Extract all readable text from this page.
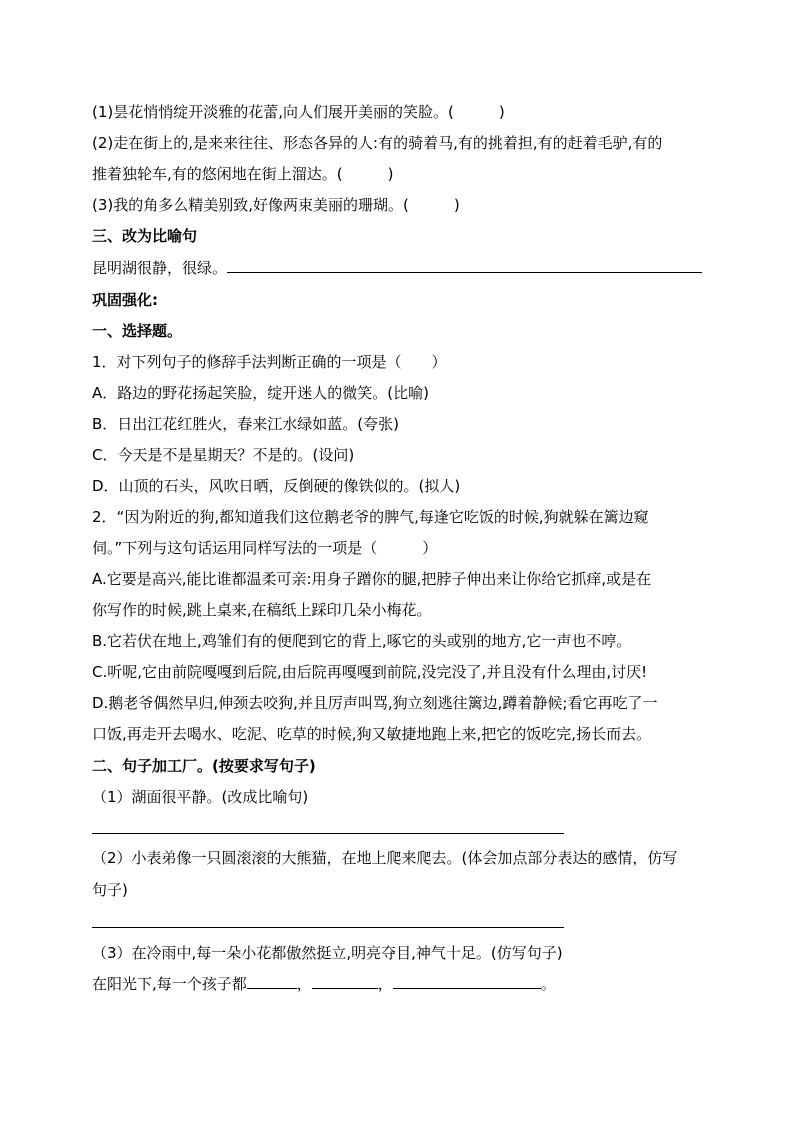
(1)昙花悄悄绽开淡雅的花蕾,向人们展开美丽的笑脸。(　　　)
(2)走在街上的,是来来往往、形态各异的人:有的骑着马,有的挑着担,有的赶着毛驴,有的
推着独轮车,有的悠闲地在街上溜达。(　　　)
(3)我的角多么精美别致,好像两束美丽的珊瑚。(　　　)
三、改为比喻句
昆明湖很静，很绿。
巩固强化:
一、选择题。
1．对下列句子的修辞手法判断正确的一项是（　　）
A．路边的野花扬起笑脸，绽开迷人的微笑。(比喻)
B．日出江花红胜火，春来江水绿如蓝。(夸张)
C．今天是不是星期天？不是的。(设问)
D．山顶的石头，风吹日晒，反倒硬的像铁似的。(拟人)
2．“因为附近的狗,都知道我们这位鹅老爷的脾气,每逢它吃饭的时候,狗就躲在篱边窥
伺。”下列与这句话运用同样写法的一项是（　　　）
A.它要是高兴,能比谁都温柔可亲:用身子蹭你的腿,把脖子伸出来让你给它抓痒,或是在
你写作的时候,跳上桌来,在稿纸上踩印几朵小梅花。
B.它若伏在地上,鸡雏们有的便爬到它的背上,啄它的头或别的地方,它一声也不哼。
C.听呢,它由前院嘎嘎到后院,由后院再嘎嘎到前院,没完没了,并且没有什么理由,讨厌!
D.鹅老爷偶然早归,伸颈去咬狗,并且厉声叫骂,狗立刻逃往篱边,蹲着静候;看它再吃了一
口饭,再走开去喝水、吃泥、吃草的时候,狗又敏捷地跑上来,把它的饭吃完,扬长而去。
二、句子加工厂。(按要求写句子)
（1）湖面很平静。(改成比喻句)
（2）小表弟像一只圆滚滚的大熊猫，在地上爬来爬去。(体会加点部分表达的感情，仿写
句子)
（3）在冷雨中,每一朵小花都傲然挺立,明亮夺目,神气十足。(仿写句子)
在阳光下,每一个孩子都	，	，	。
